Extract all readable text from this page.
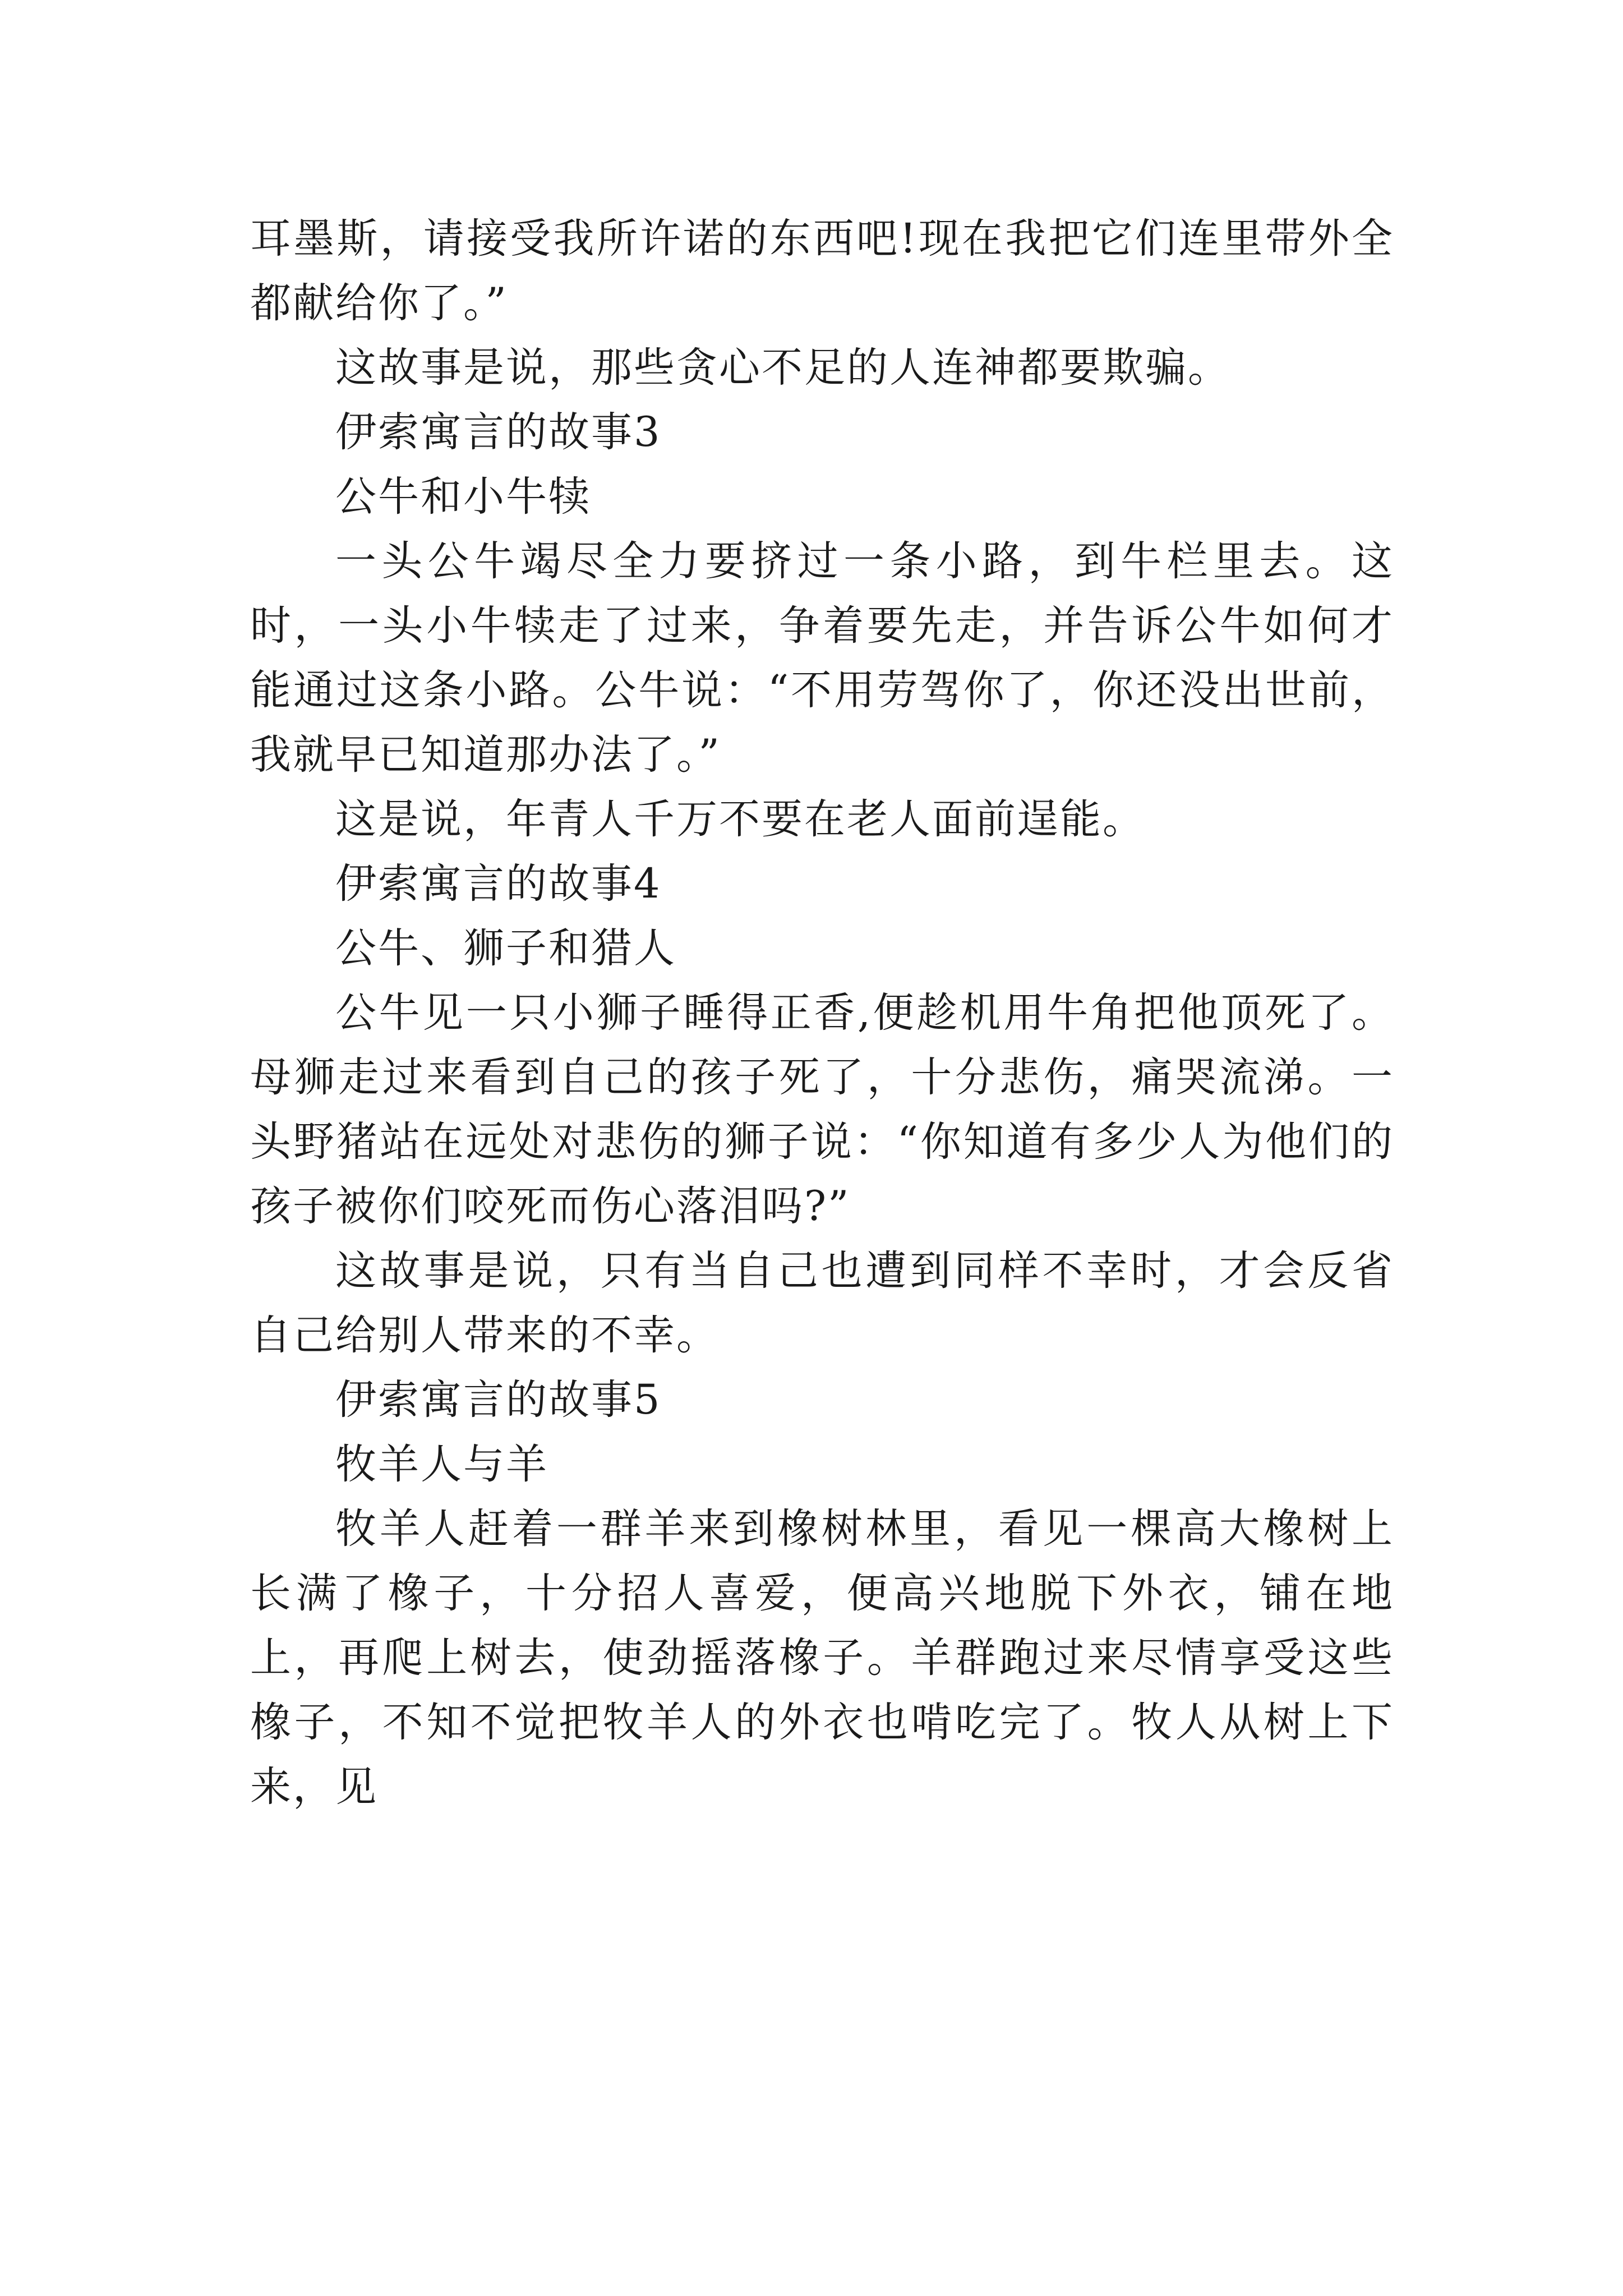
耳墨斯，请接受我所许诺的东西吧!现在我把它们连里带外全都献给你了。”

这故事是说，那些贪心不足的人连神都要欺骗。

伊索寓言的故事3

公牛和小牛犊

一头公牛竭尽全力要挤过一条小路，到牛栏里去。这时，一头小牛犊走了过来，争着要先走，并告诉公牛如何才能通过这条小路。公牛说：“不用劳驾你了，你还没出世前，我就早已知道那办法了。”

这是说，年青人千万不要在老人面前逞能。

伊索寓言的故事4

公牛、狮子和猎人

公牛见一只小狮子睡得正香,便趁机用牛角把他顶死了。母狮走过来看到自己的孩子死了，十分悲伤，痛哭流涕。一头野猪站在远处对悲伤的狮子说：“你知道有多少人为他们的孩子被你们咬死而伤心落泪吗?”

这故事是说，只有当自己也遭到同样不幸时，才会反省自己给别人带来的不幸。

伊索寓言的故事5

牧羊人与羊

牧羊人赶着一群羊来到橡树林里，看见一棵高大橡树上长满了橡子，十分招人喜爱，便高兴地脱下外衣，铺在地上，再爬上树去，使劲摇落橡子。羊群跑过来尽情享受这些橡子，不知不觉把牧羊人的外衣也啃吃完了。牧人从树上下来，见
